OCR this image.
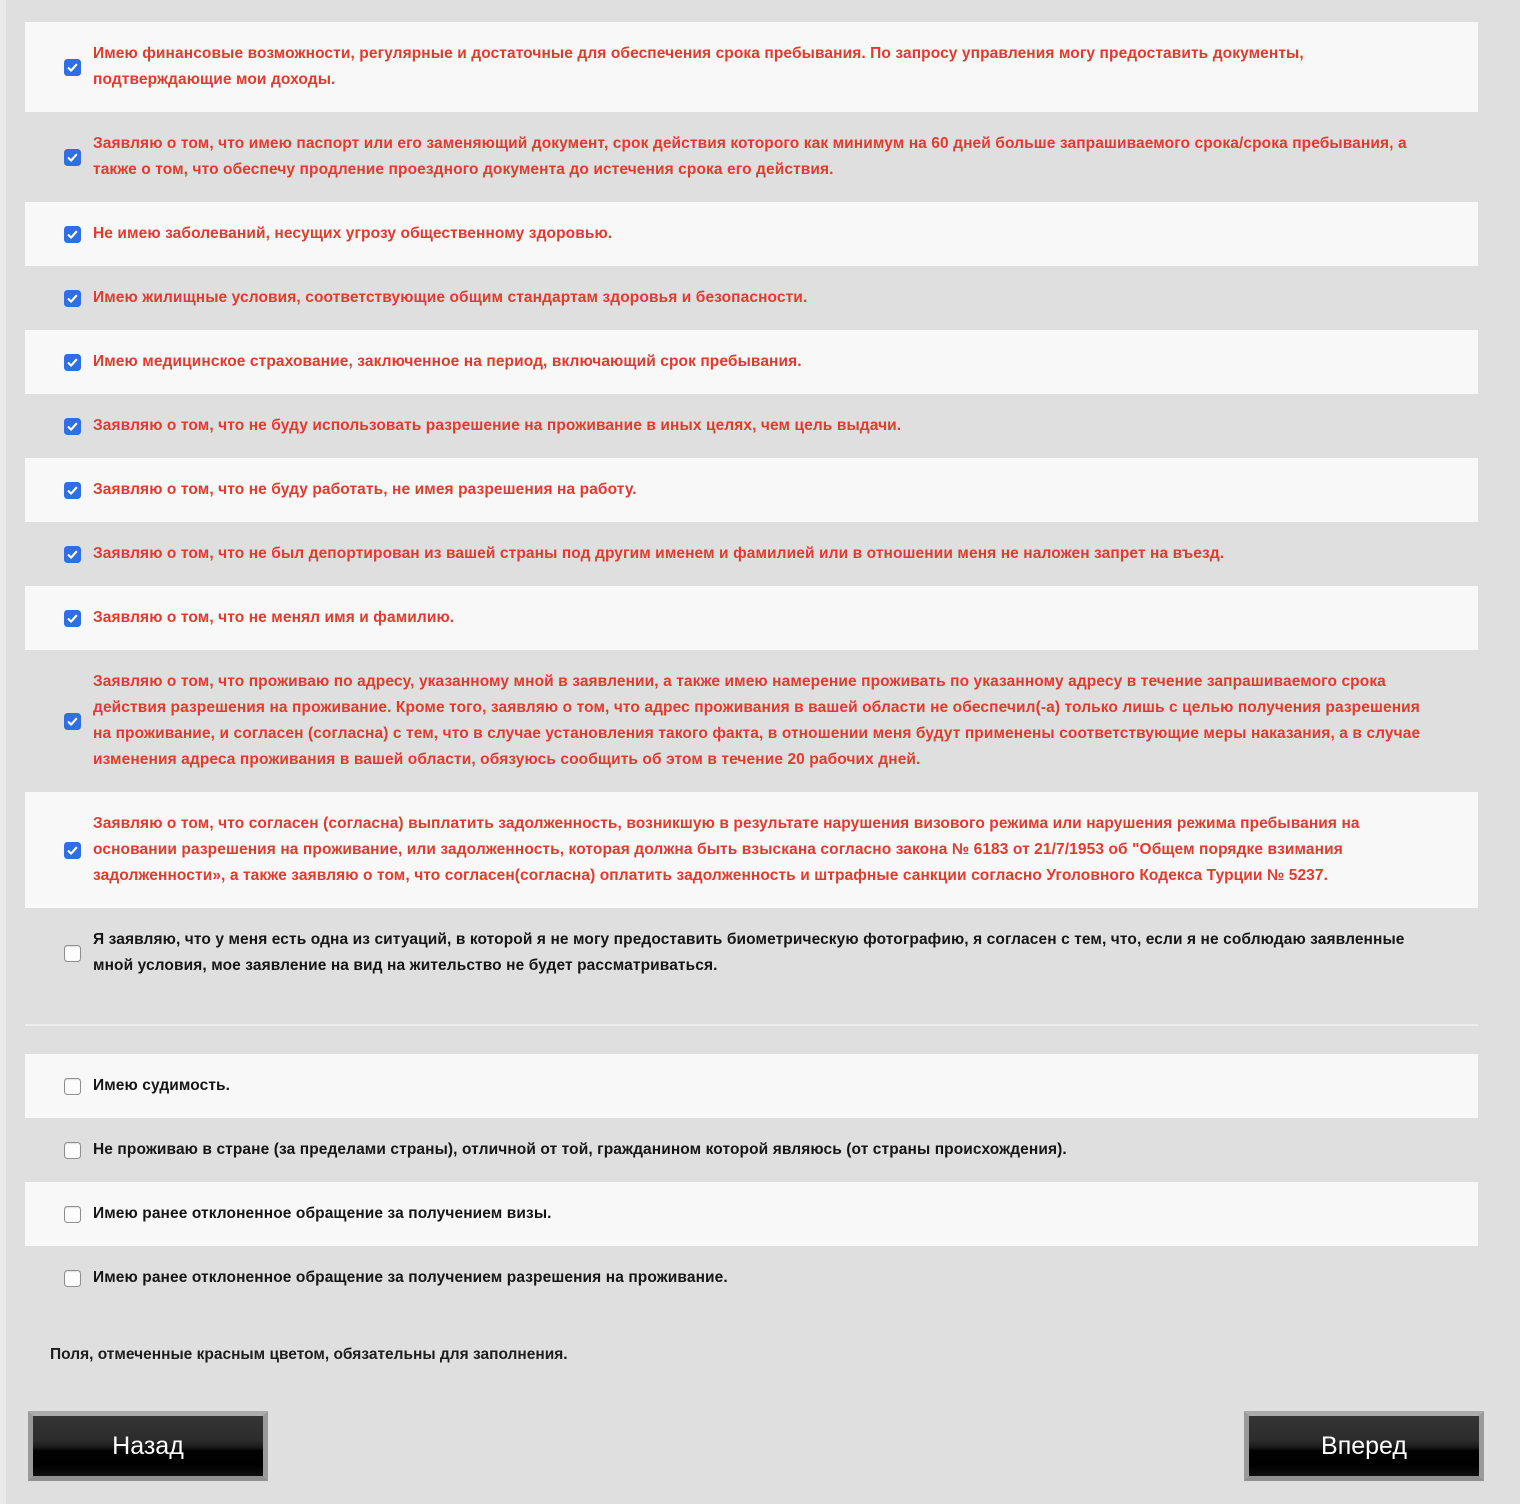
Имею финансовые возможности, регулярные и достаточные для обеспечения срока пребывания. По запросу управления могу предоставить документы, подтверждающие мои доходы.
Заявляю о том, что имею паспорт или его заменяющий документ, срок действия которого как минимум на 60 дней больше запрашиваемого срока/срока пребывания, а также о том, что обеспечу продление проездного документа до истечения срока его действия.
Не имею заболеваний, несущих угрозу общественному здоровью.
Имею жилищные условия, соответствующие общим стандартам здоровья и безопасности.
Имею медицинское страхование, заключенное на период, включающий срок пребывания.
Заявляю о том, что не буду использовать разрешение на проживание в иных целях, чем цель выдачи.
Заявляю о том, что не буду работать, не имея разрешения на работу.
Заявляю о том, что не был депортирован из вашей страны под другим именем и фамилией или в отношении меня не наложен запрет на въезд.
Заявляю о том, что не менял имя и фамилию.
Заявляю о том, что проживаю по адресу, указанному мной в заявлении, а также имею намерение проживать по указанному адресу в течение запрашиваемого срока действия разрешения на проживание. Кроме того, заявляю о том, что адрес проживания в вашей области не обеспечил(-а) только лишь с целью получения разрешения на проживание, и согласен (согласна) с тем, что в случае установления такого факта, в отношении меня будут применены соответствующие меры наказания, а в случае изменения адреса проживания в вашей области, обязуюсь сообщить об этом в течение 20 рабочих дней.
Заявляю о том, что согласен (согласна) выплатить задолженность, возникшую в результате нарушения визового режима или нарушения режима пребывания на основании разрешения на проживание, или задолженность, которая должна быть взыскана согласно закона № 6183 от 21/7/1953 об "Общем порядке взимания задолженности», а также заявляю о том, что согласен(согласна) оплатить задолженность и штрафные санкции согласно Уголовного Кодекса Турции № 5237.
Я заявляю, что у меня есть одна из ситуаций, в которой я не могу предоставить биометрическую фотографию, я согласен с тем, что, если я не соблюдаю заявленные мной условия, мое заявление на вид на жительство не будет рассматриваться.
Имею судимость.
Не проживаю в стране (за пределами страны), отличной от той, гражданином которой являюсь (от страны происхождения).
Имею ранее отклоненное обращение за получением визы.
Имею ранее отклоненное обращение за получением разрешения на проживание.
Поля, отмеченные красным цветом, обязательны для заполнения.
Назад	Вперед
